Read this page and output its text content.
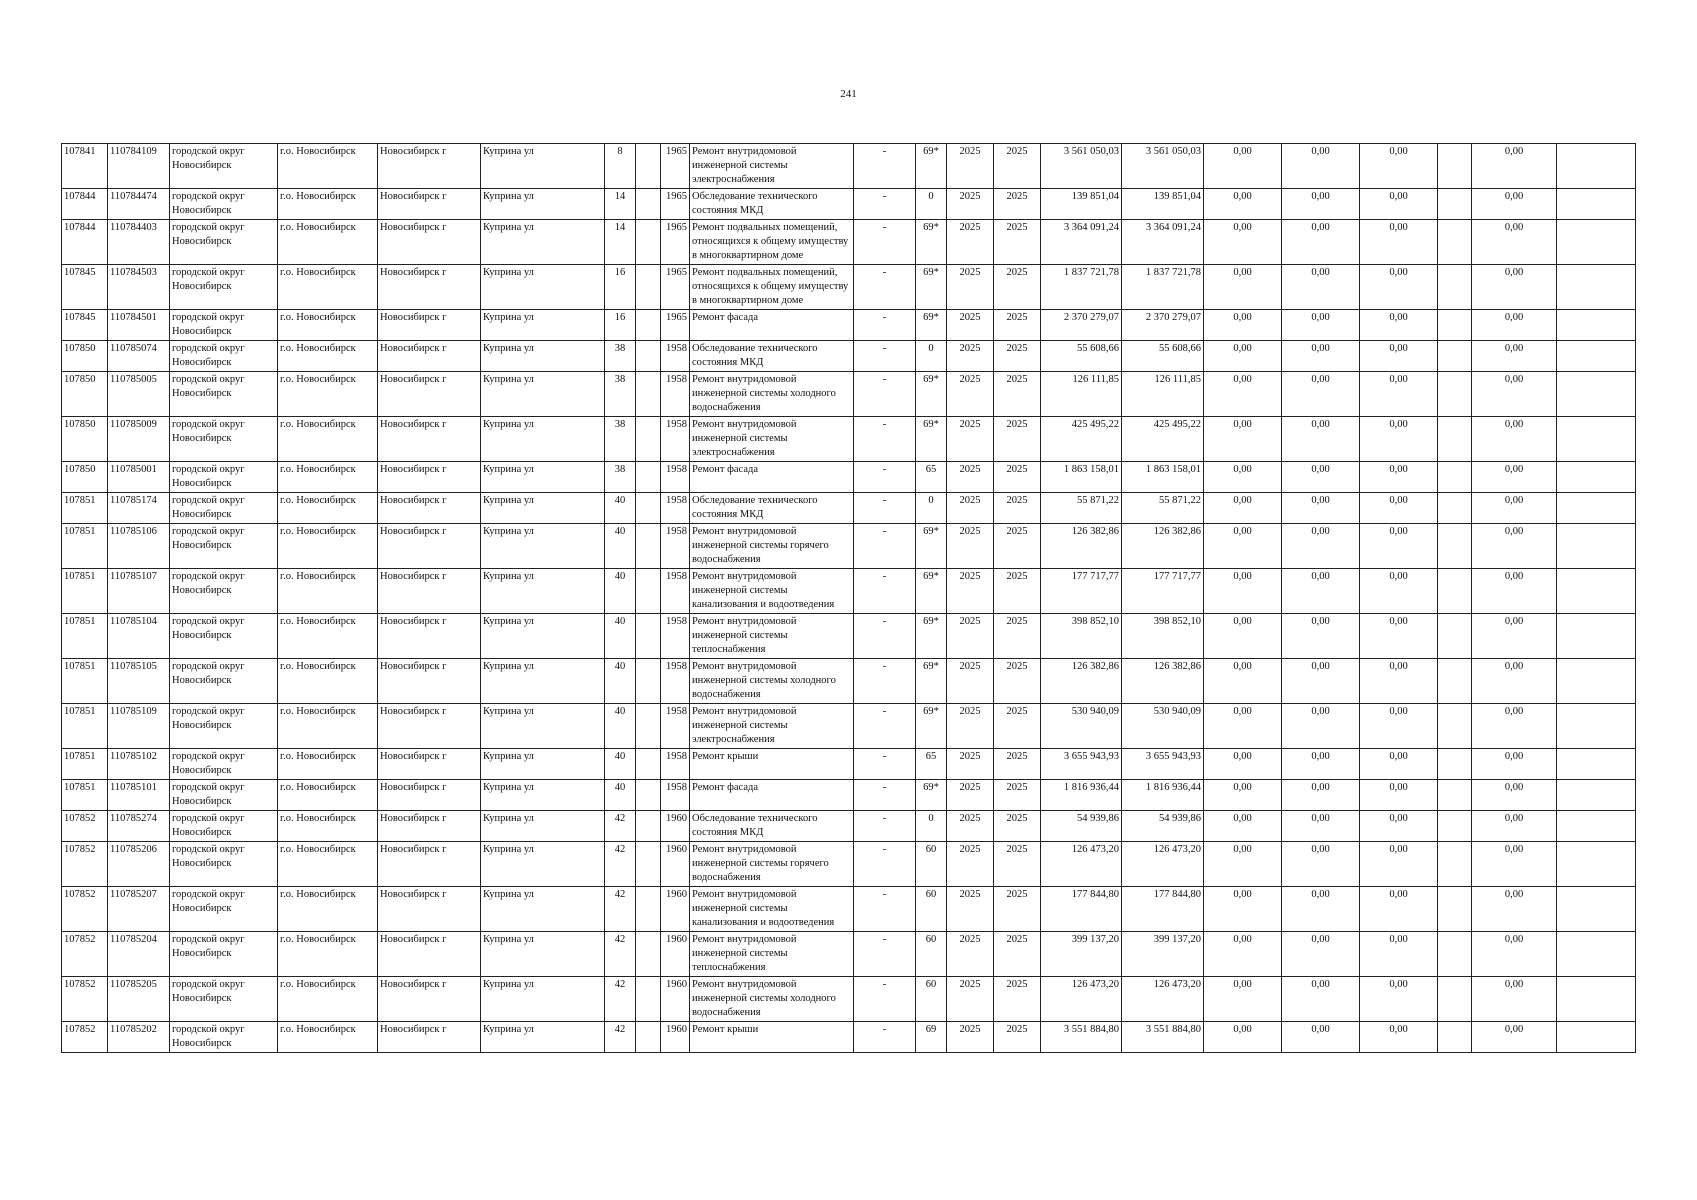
241
107841	110784109	городской округ Новосибирск	г.о. Новосибирск	Новосибирск г	Куприна ул	8		1965	Ремонт внутридомовой инженерной системы электроснабжения	-	69*	2025	2025	3 561 050,03	3 561 050,03	0,00	0,00	0,00		0,00	
107844	110784474	городской округ Новосибирск	г.о. Новосибирск	Новосибирск г	Куприна ул	14		1965	Обследование технического состояния МКД	-	0	2025	2025	139 851,04	139 851,04	0,00	0,00	0,00		0,00	
107844	110784403	городской округ Новосибирск	г.о. Новосибирск	Новосибирск г	Куприна ул	14		1965	Ремонт подвальных помещений, относящихся к общему имуществу в многоквартирном доме	-	69*	2025	2025	3 364 091,24	3 364 091,24	0,00	0,00	0,00		0,00	
107845	110784503	городской округ Новосибирск	г.о. Новосибирск	Новосибирск г	Куприна ул	16		1965	Ремонт подвальных помещений, относящихся к общему имуществу в многоквартирном доме	-	69*	2025	2025	1 837 721,78	1 837 721,78	0,00	0,00	0,00		0,00	
107845	110784501	городской округ Новосибирск	г.о. Новосибирск	Новосибирск г	Куприна ул	16		1965	Ремонт фасада	-	69*	2025	2025	2 370 279,07	2 370 279,07	0,00	0,00	0,00		0,00	
107850	110785074	городской округ Новосибирск	г.о. Новосибирск	Новосибирск г	Куприна ул	38		1958	Обследование технического состояния МКД	-	0	2025	2025	55 608,66	55 608,66	0,00	0,00	0,00		0,00	
107850	110785005	городской округ Новосибирск	г.о. Новосибирск	Новосибирск г	Куприна ул	38		1958	Ремонт внутридомовой инженерной системы холодного водоснабжения	-	69*	2025	2025	126 111,85	126 111,85	0,00	0,00	0,00		0,00	
107850	110785009	городской округ Новосибирск	г.о. Новосибирск	Новосибирск г	Куприна ул	38		1958	Ремонт внутридомовой инженерной системы электроснабжения	-	69*	2025	2025	425 495,22	425 495,22	0,00	0,00	0,00		0,00	
107850	110785001	городской округ Новосибирск	г.о. Новосибирск	Новосибирск г	Куприна ул	38		1958	Ремонт фасада	-	65	2025	2025	1 863 158,01	1 863 158,01	0,00	0,00	0,00		0,00	
107851	110785174	городской округ Новосибирск	г.о. Новосибирск	Новосибирск г	Куприна ул	40		1958	Обследование технического состояния МКД	-	0	2025	2025	55 871,22	55 871,22	0,00	0,00	0,00		0,00	
107851	110785106	городской округ Новосибирск	г.о. Новосибирск	Новосибирск г	Куприна ул	40		1958	Ремонт внутридомовой инженерной системы горячего водоснабжения	-	69*	2025	2025	126 382,86	126 382,86	0,00	0,00	0,00		0,00	
107851	110785107	городской округ Новосибирск	г.о. Новосибирск	Новосибирск г	Куприна ул	40		1958	Ремонт внутридомовой инженерной системы канализования и водоотведения	-	69*	2025	2025	177 717,77	177 717,77	0,00	0,00	0,00		0,00	
107851	110785104	городской округ Новосибирск	г.о. Новосибирск	Новосибирск г	Куприна ул	40		1958	Ремонт внутридомовой инженерной системы теплоснабжения	-	69*	2025	2025	398 852,10	398 852,10	0,00	0,00	0,00		0,00	
107851	110785105	городской округ Новосибирск	г.о. Новосибирск	Новосибирск г	Куприна ул	40		1958	Ремонт внутридомовой инженерной системы холодного водоснабжения	-	69*	2025	2025	126 382,86	126 382,86	0,00	0,00	0,00		0,00	
107851	110785109	городской округ Новосибирск	г.о. Новосибирск	Новосибирск г	Куприна ул	40		1958	Ремонт внутридомовой инженерной системы электроснабжения	-	69*	2025	2025	530 940,09	530 940,09	0,00	0,00	0,00		0,00	
107851	110785102	городской округ Новосибирск	г.о. Новосибирск	Новосибирск г	Куприна ул	40		1958	Ремонт крыши	-	65	2025	2025	3 655 943,93	3 655 943,93	0,00	0,00	0,00		0,00	
107851	110785101	городской округ Новосибирск	г.о. Новосибирск	Новосибирск г	Куприна ул	40		1958	Ремонт фасада	-	69*	2025	2025	1 816 936,44	1 816 936,44	0,00	0,00	0,00		0,00	
107852	110785274	городской округ Новосибирск	г.о. Новосибирск	Новосибирск г	Куприна ул	42		1960	Обследование технического состояния МКД	-	0	2025	2025	54 939,86	54 939,86	0,00	0,00	0,00		0,00	
107852	110785206	городской округ Новосибирск	г.о. Новосибирск	Новосибирск г	Куприна ул	42		1960	Ремонт внутридомовой инженерной системы горячего водоснабжения	-	60	2025	2025	126 473,20	126 473,20	0,00	0,00	0,00		0,00	
107852	110785207	городской округ Новосибирск	г.о. Новосибирск	Новосибирск г	Куприна ул	42		1960	Ремонт внутридомовой инженерной системы канализования и водоотведения	-	60	2025	2025	177 844,80	177 844,80	0,00	0,00	0,00		0,00	
107852	110785204	городской округ Новосибирск	г.о. Новосибирск	Новосибирск г	Куприна ул	42		1960	Ремонт внутридомовой инженерной системы теплоснабжения	-	60	2025	2025	399 137,20	399 137,20	0,00	0,00	0,00		0,00	
107852	110785205	городской округ Новосибирск	г.о. Новосибирск	Новосибирск г	Куприна ул	42		1960	Ремонт внутридомовой инженерной системы холодного водоснабжения	-	60	2025	2025	126 473,20	126 473,20	0,00	0,00	0,00		0,00	
107852	110785202	городской округ Новосибирск	г.о. Новосибирск	Новосибирск г	Куприна ул	42		1960	Ремонт крыши	-	69	2025	2025	3 551 884,80	3 551 884,80	0,00	0,00	0,00		0,00	
